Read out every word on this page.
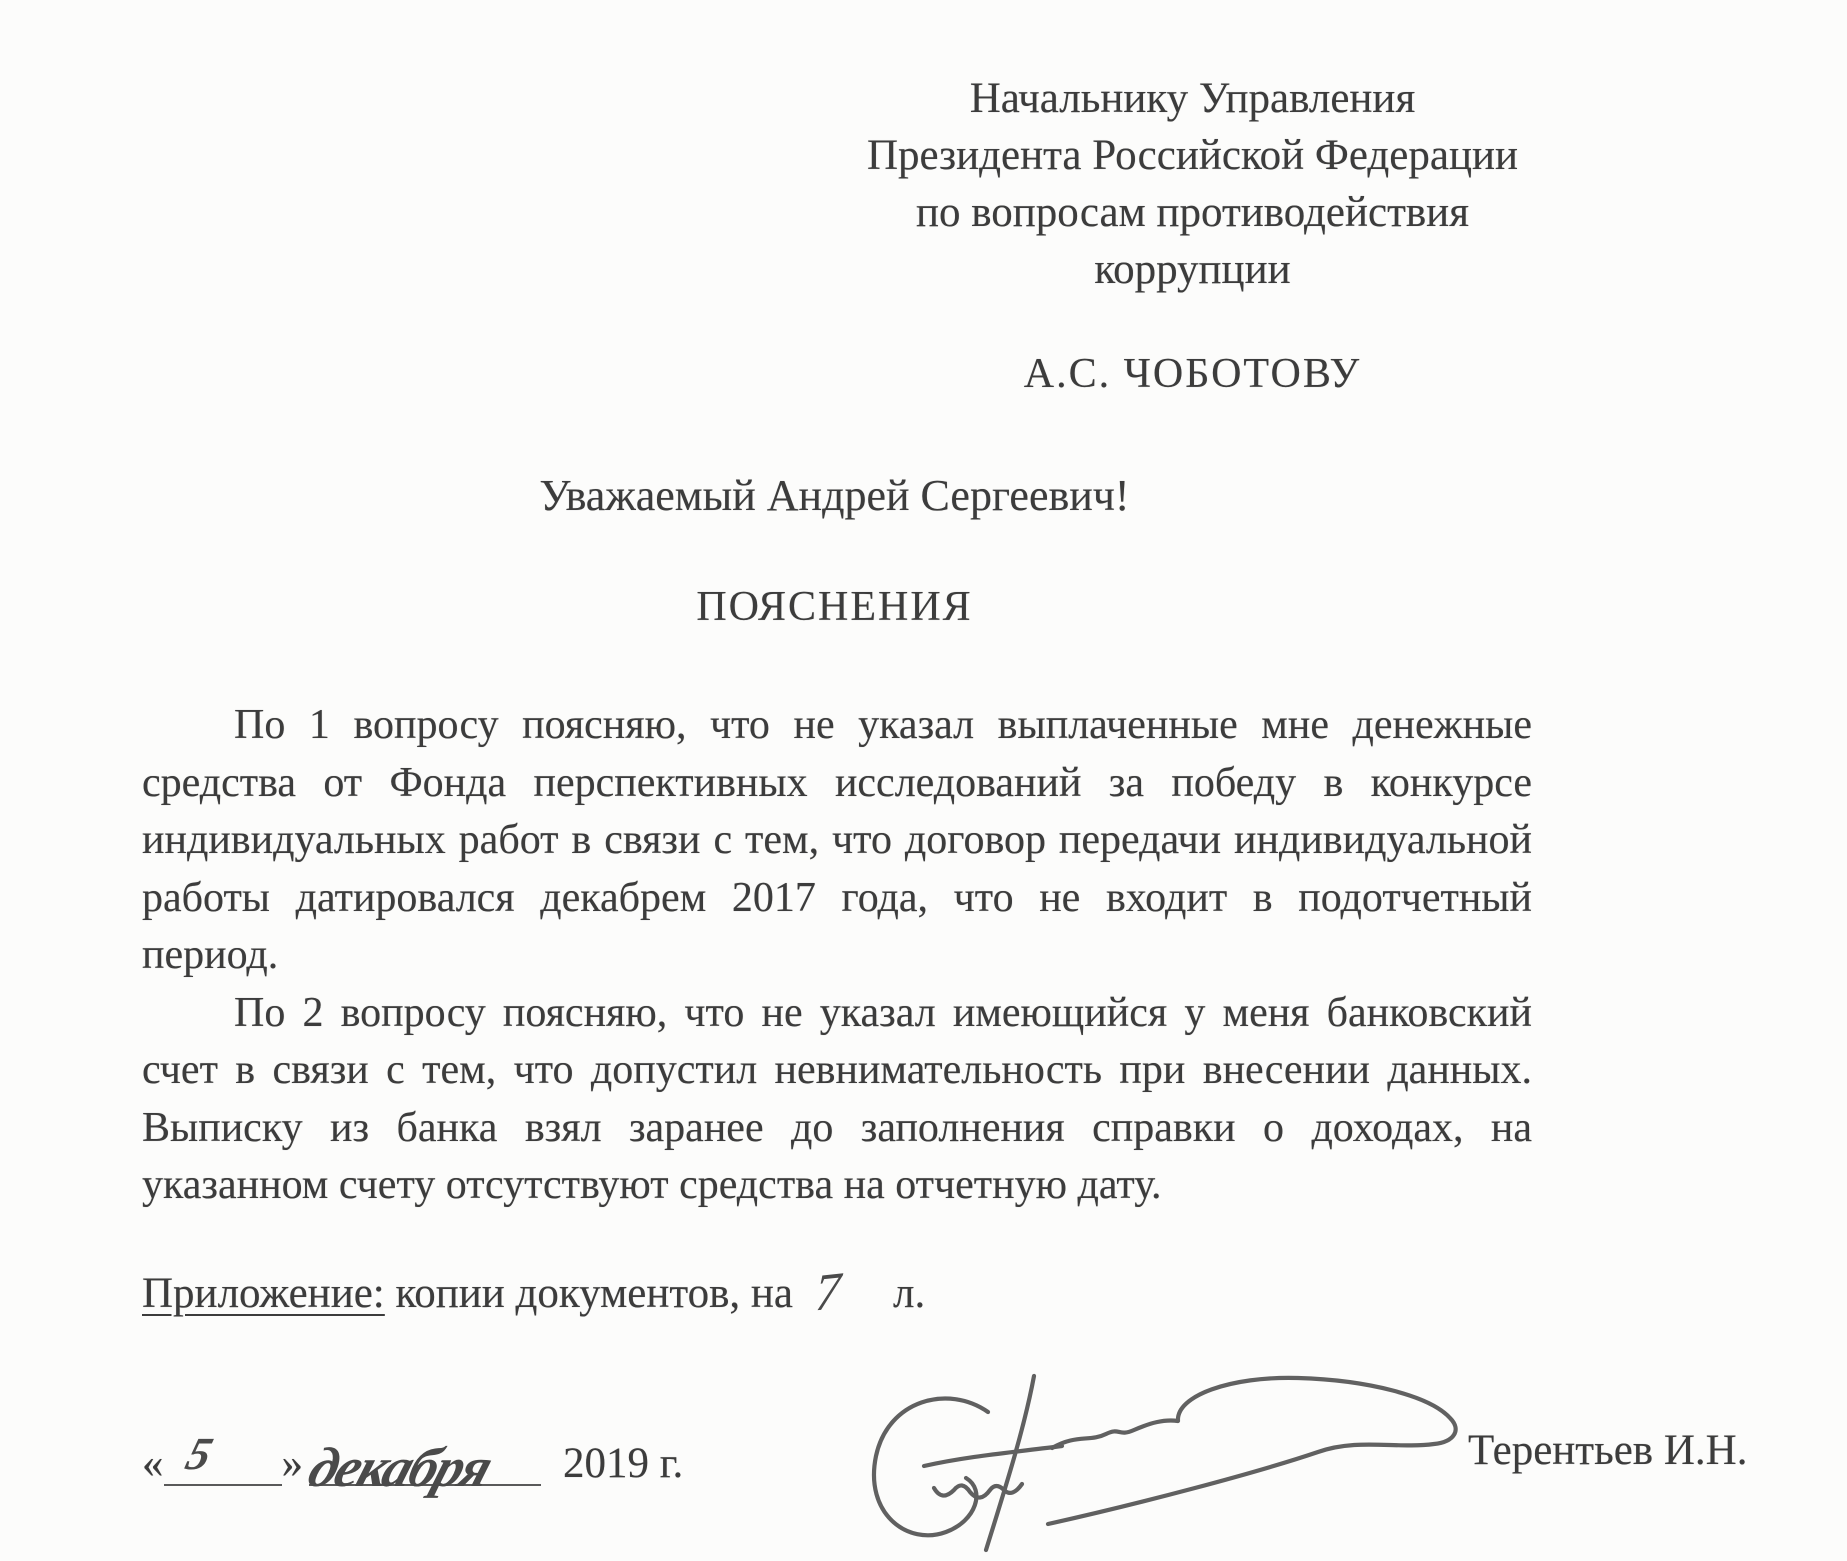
Начальнику Управления
Президента Российской Федерации
по вопросам противодействия
коррупции
А.С. ЧОБОТОВУ
Уважаемый Андрей Сергеевич!
ПОЯСНЕНИЯ
По 1 вопросу поясняю, что не указал выплаченные мне денежные
средства от Фонда перспективных исследований за победу в конкурсе
индивидуальных работ в связи с тем, что договор передачи индивидуальной
работы датировался декабрем 2017 года, что не входит в подотчетный
период.
По 2 вопросу поясняю, что не указал имеющийся у меня банковский
счет в связи с тем, что допустил невнимательность при внесении данных.
Выписку из банка взял заранее до заполнения справки о доходах, на
указанном счету отсутствуют средства на отчетную дату.
Приложение: копии документов, на 7 л.
« 5 »
декабря 2019 г.	Терентьев И.Н.
